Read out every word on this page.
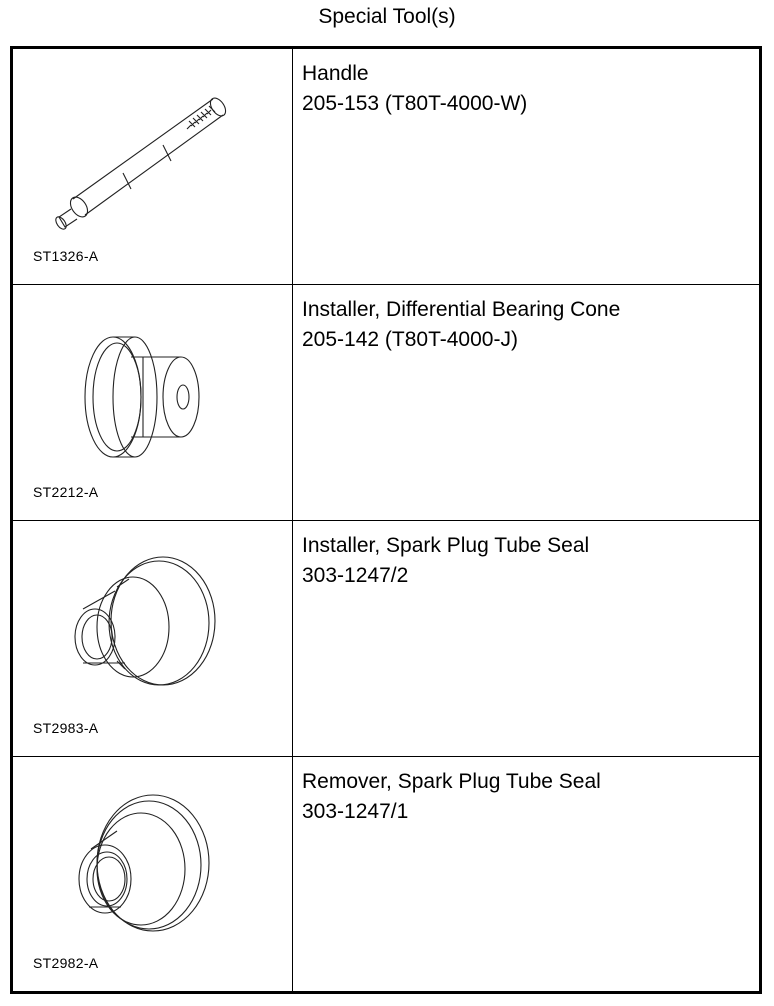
Special Tool(s)
ST1326-A
Handle
205-153 (T80T-4000-W)
ST2212-A
Installer, Differential Bearing Cone
205-142 (T80T-4000-J)
ST2983-A
Installer, Spark Plug Tube Seal
303-1247/2
ST2982-A
Remover, Spark Plug Tube Seal
303-1247/1
